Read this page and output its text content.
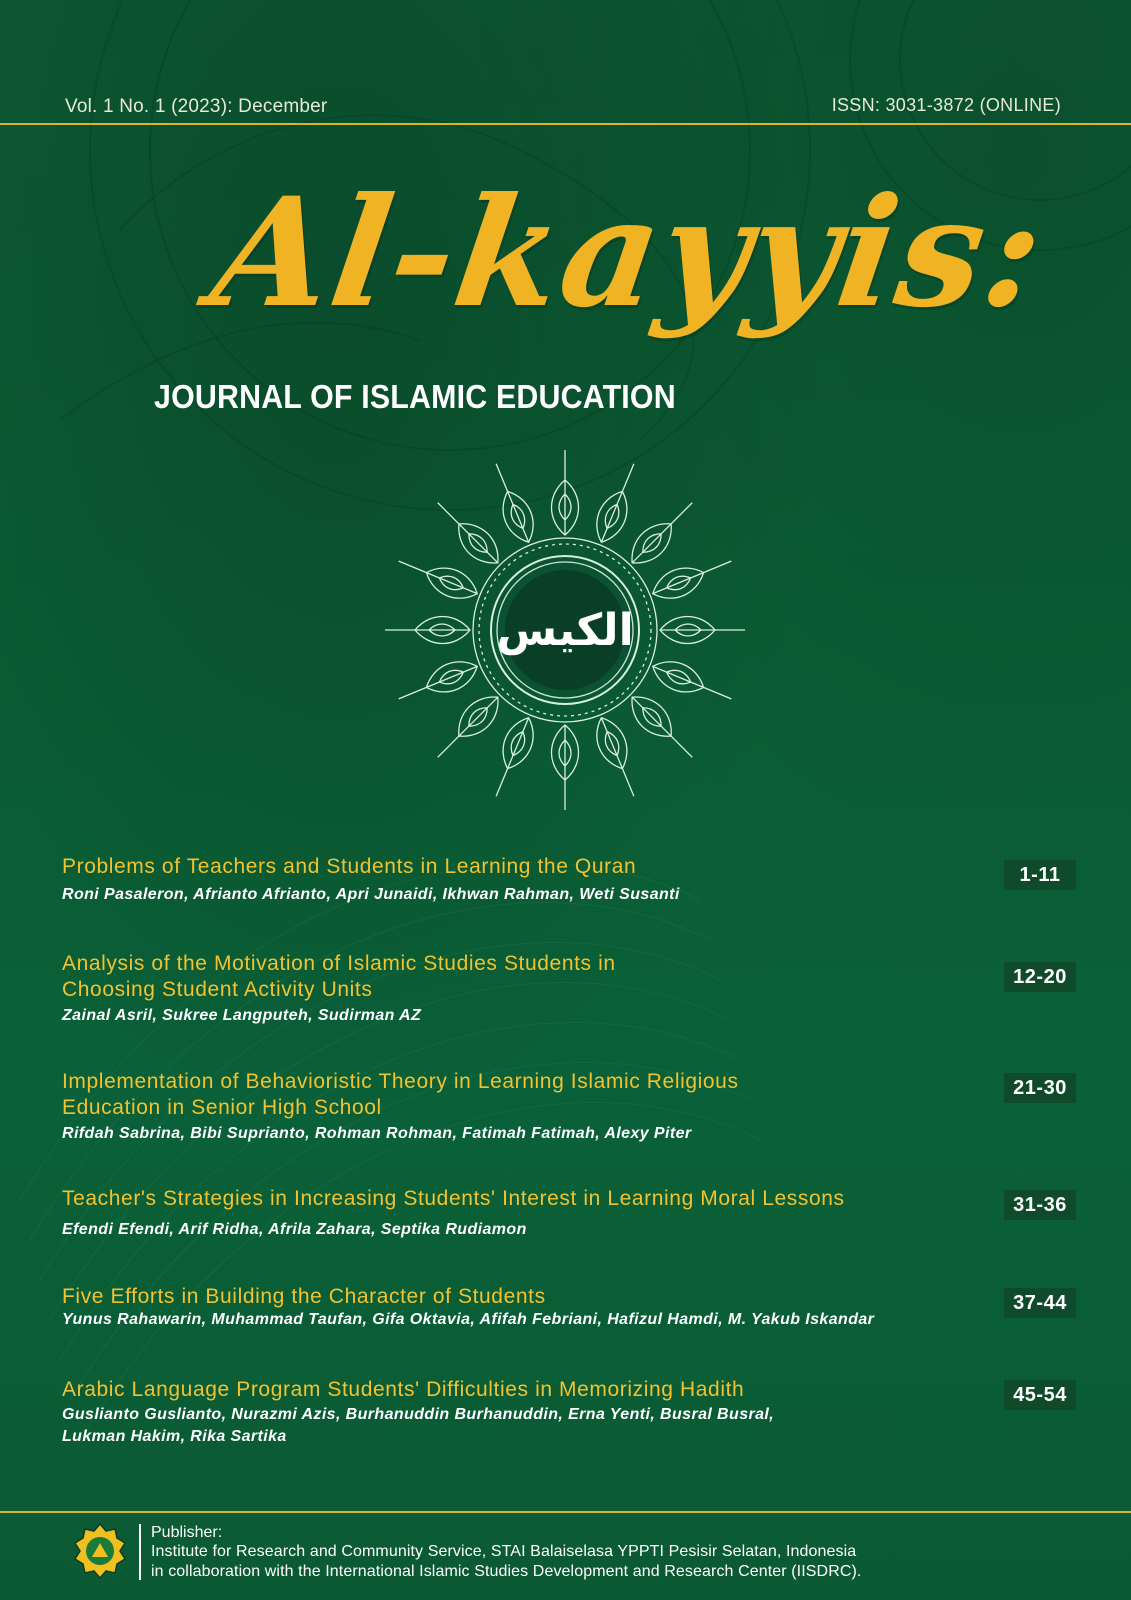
Vol. 1 No. 1 (2023): December	ISSN: 3031-3872 (ONLINE)
Al-kayyis:
JOURNAL OF ISLAMIC EDUCATION
الكيس
Problems of Teachers and Students in Learning the Quran
Roni Pasaleron, Afrianto Afrianto, Apri Junaidi, Ikhwan Rahman, Weti Susanti
1-11
Analysis of the Motivation of Islamic Studies Students in
Choosing Student Activity Units
Zainal Asril, Sukree Langputeh, Sudirman AZ
12-20
Implementation of Behavioristic Theory in Learning Islamic Religious
Education in Senior High School
Rifdah Sabrina, Bibi Suprianto, Rohman Rohman, Fatimah Fatimah, Alexy Piter
21-30
Teacher's Strategies in Increasing Students' Interest in Learning Moral Lessons
Efendi Efendi, Arif Ridha, Afrila Zahara, Septika Rudiamon
31-36
Five Efforts in Building the Character of Students
Yunus Rahawarin, Muhammad Taufan, Gifa Oktavia, Afifah Febriani, Hafizul Hamdi, M. Yakub Iskandar
37-44
Arabic Language Program Students' Difficulties in Memorizing Hadith
Guslianto Guslianto, Nurazmi Azis, Burhanuddin Burhanuddin, Erna Yenti, Busral Busral,
Lukman Hakim, Rika Sartika
45-54
Publisher:
Institute for Research and Community Service, STAI Balaiselasa YPPTI Pesisir Selatan, Indonesia
in collaboration with the International Islamic Studies Development and Research Center (IISDRC).
